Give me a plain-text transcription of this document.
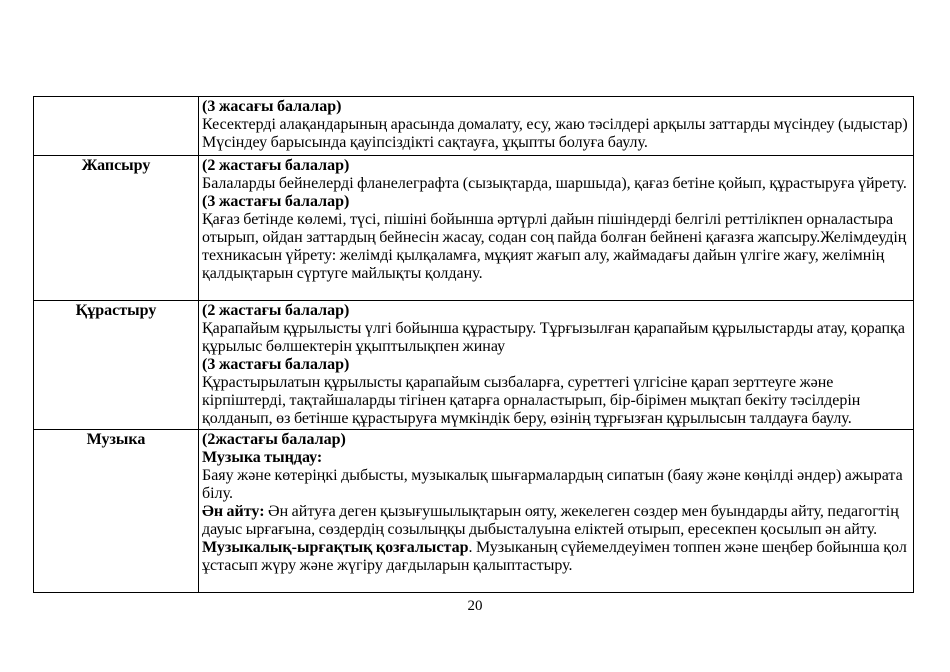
	(3 жасағы балалар)

Кесектерді алақандарының арасында домалату, есу, жаю тәсілдері арқылы заттарды мүсіндеу (ыдыстар) Мүсіндеу барысында қауіпсіздікті сақтауға, ұқыпты болуға баулу.

Жапсыру	(2 жастағы балалар)

Балаларды бейнелерді фланелеграфта (сызықтарда, шаршыда), қағаз бетіне қойып, құрастыруға үйрету.

(3 жастағы балалар)

Қағаз бетінде көлемі, түсі, пішіні бойынша әртүрлі дайын пішіндерді белгілі реттілікпен орналастыра отырып, ойдан заттардың бейнесін жасау, содан соң пайда болған бейнені қағазға жапсыру.Желімдеудің техникасын үйрету: желімді қылқаламға, мұқият жағып алу, жаймадағы дайын үлгіге жағу, желімнің қалдықтарын сүртуге майлықты қолдану.

Құрастыру	(2 жастағы балалар)

Қарапайым құрылысты үлгі бойынша құрастыру. Тұрғызылған қарапайым құрылыстарды атау, қорапқа құрылыс бөлшектерін ұқыптылықпен жинау

(3 жастағы балалар)

Құрастырылатын құрылысты қарапайым сызбаларға, суреттегі үлгісіне қарап зерттеуге және кірпіштерді, тақтайшаларды тігінен қатарға орналастырып, бір-бірімен мықтап бекіту тәсілдерін қолданып, өз бетінше құрастыруға мүмкіндік беру, өзінің тұрғызған құрылысын талдауға баулу.

Музыка	(2жастағы балалар)

Музыка тыңдау:

Баяу және көтеріңкі дыбысты, музыкалық шығармалардың сипатын (баяу және көңілді әндер) ажырата білу.

Ән айту: Ән айтуға деген қызығушылықтарын ояту, жекелеген сөздер мен буындарды айту, педагогтің дауыс ырғағына, сөздердің созылыңқы дыбысталуына еліктей отырып, ересекпен қосылып ән айту.

Музыкалық-ырғақтық қозғалыстар. Музыканың сүйемелдеуімен топпен және шеңбер бойынша қол ұстасып жүру және жүгіру дағдыларын қалыптастыру.

20
